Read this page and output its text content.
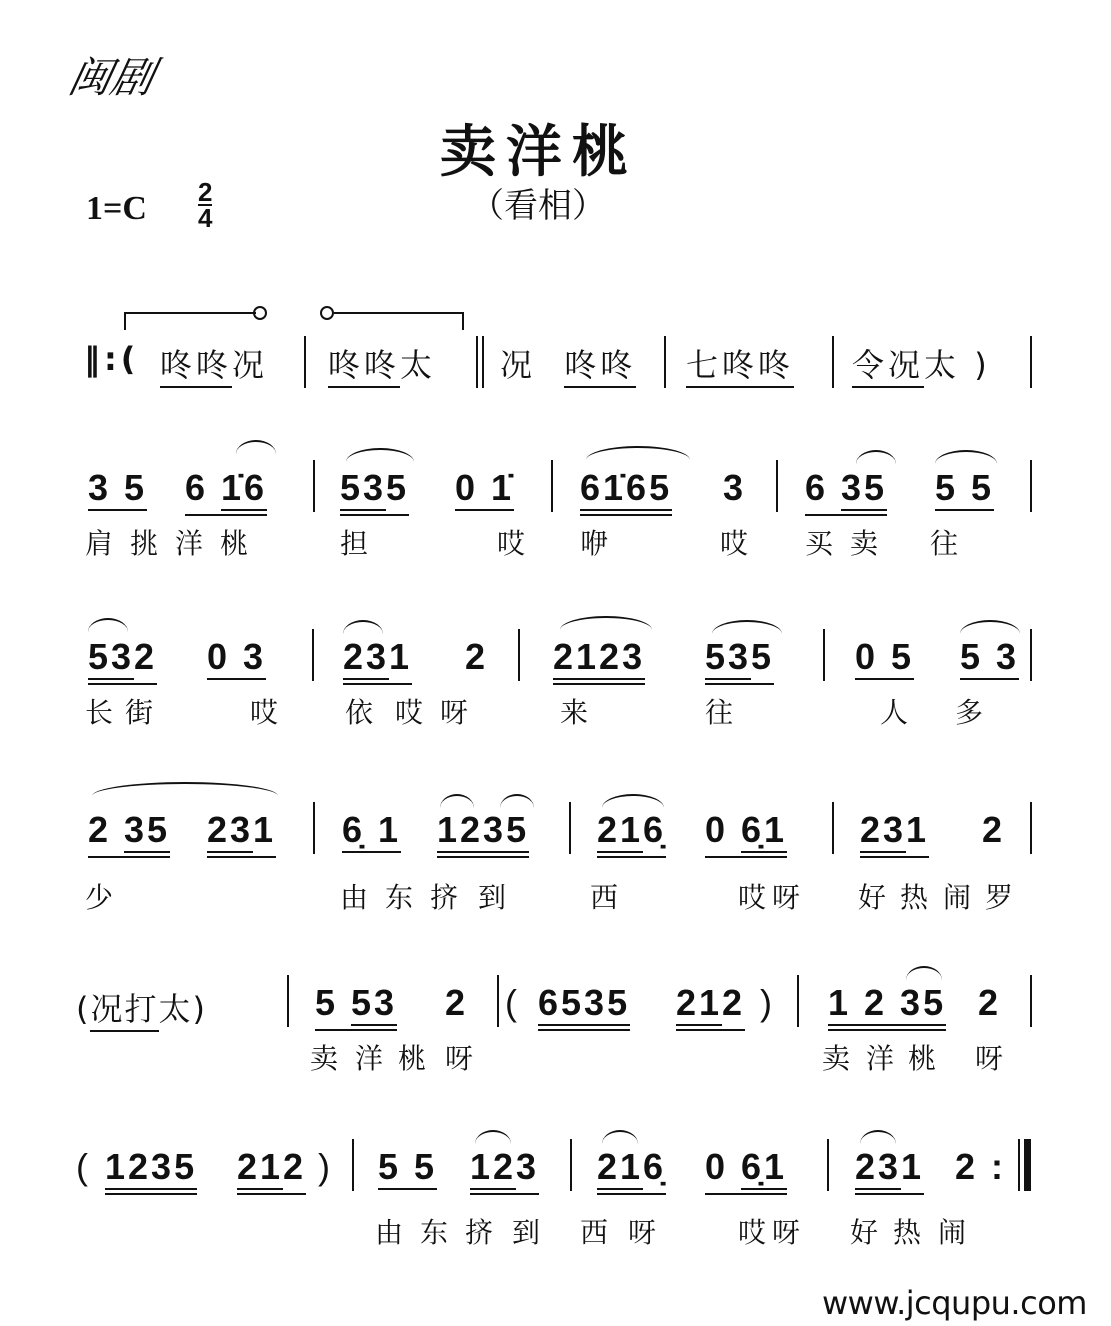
闽剧
卖洋桃
（看相）
1=C 2
4
‖:( 咚咚况 咚咚太 况 咚咚 七咚咚 令况太 )
3 5 6 1̇6 535 0 1̇ 61̇65 3 6 35 5 5
肩 挑 洋 桃	担	哎 咿	哎 买 卖 往
532 0 3 231 2 2123 535 0 5 5 3
长 街	哎 依 哎 呀	来	往	人 多
2 35 231 6̣ 1 1235 216̣ 0 6̣1 231 2
少	由 东 挤 到	西	哎 呀 好 热 闹 罗
(况打太)	5 53 2 ( 6535 212 ) 1 2 35 2
卖 洋 桃 呀	卖 洋 桃 呀
( 1235 212 ) 5 5 123 216̣ 0 6̣1 231 2 :
由 东 挤 到 西 呀	哎 呀 好 热 闹
www.jcqupu.com
